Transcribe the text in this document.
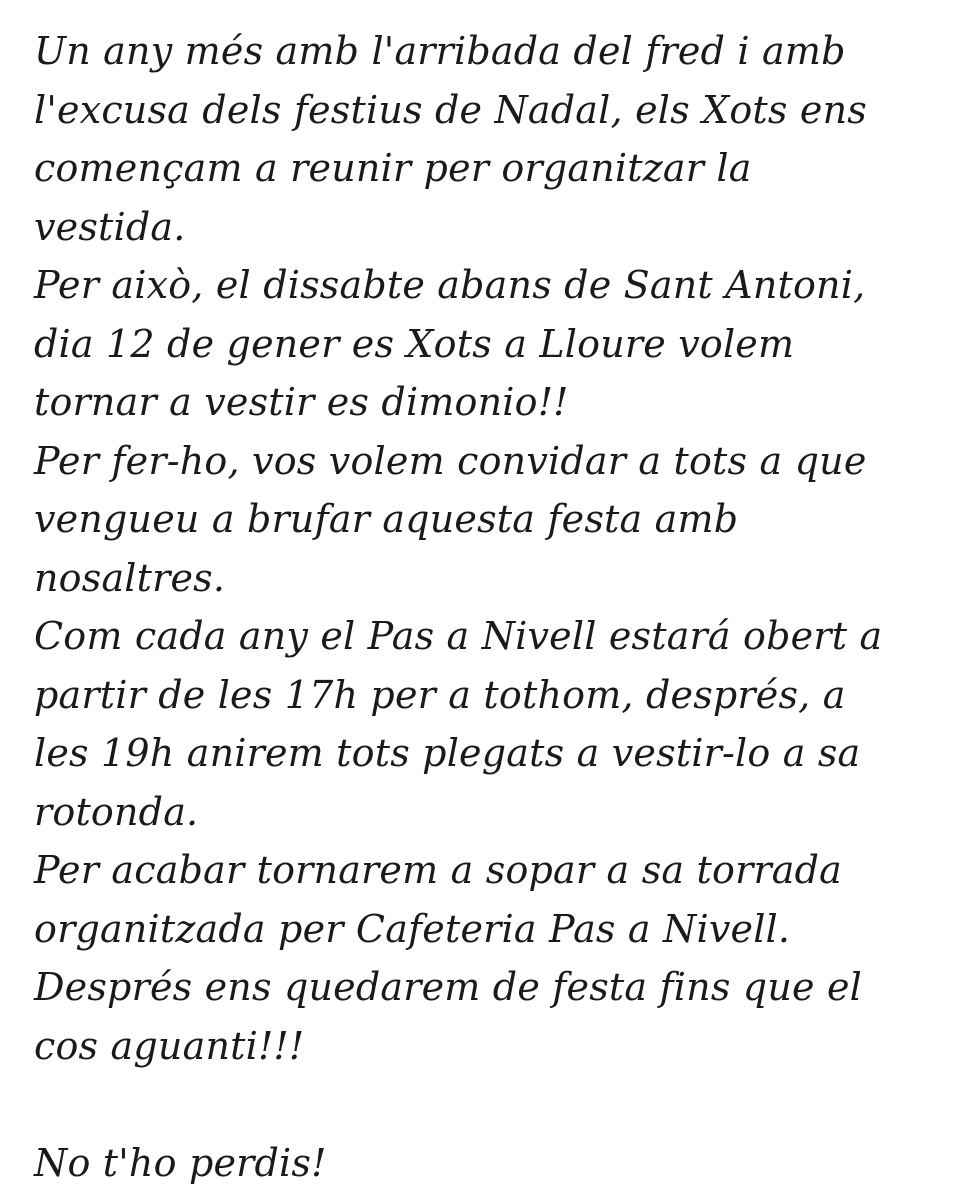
Un any més amb l'arribada del fred i amb
l'excusa dels festius de Nadal, els Xots ens
començam a reunir per organitzar la
vestida.
Per això, el dissabte abans de Sant Antoni,
dia 12 de gener es Xots a Lloure volem
tornar a vestir es dimonio!!
Per fer-ho, vos volem convidar a tots a que
vengueu a brufar aquesta festa amb
nosaltres.
Com cada any el Pas a Nivell estará obert a
partir de les 17h per a tothom, després, a
les 19h anirem tots plegats a vestir-lo a sa
rotonda.
Per acabar tornarem a sopar a sa torrada
organitzada per Cafeteria Pas a Nivell.
Després ens quedarem de festa fins que el
cos aguanti!!!
No t'ho perdis!
